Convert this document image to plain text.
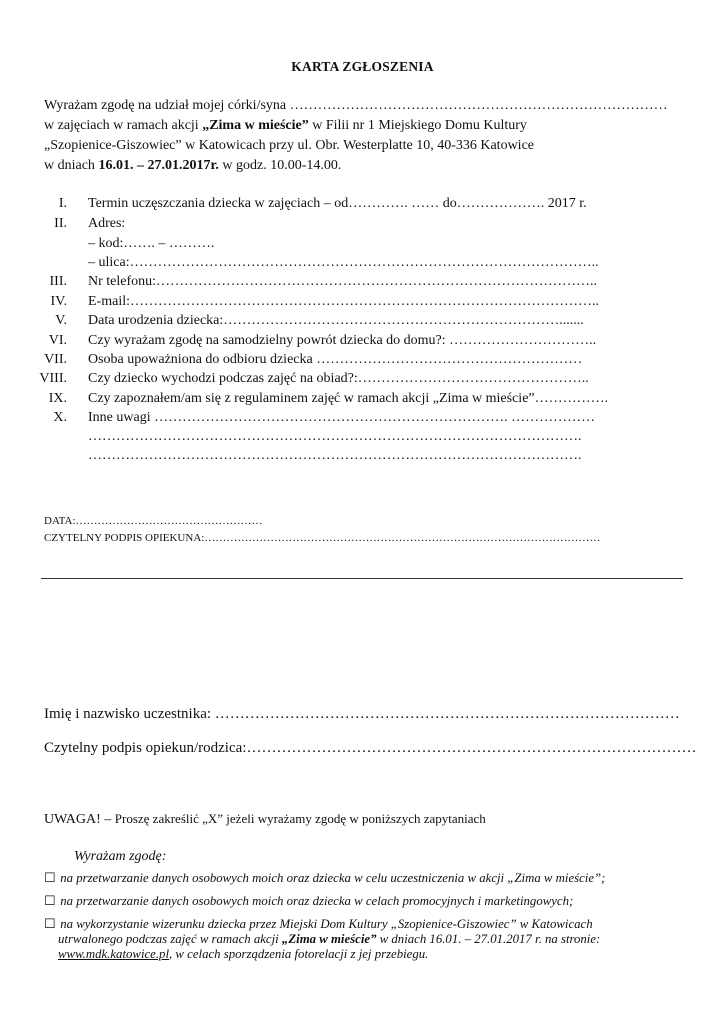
KARTA ZGŁOSZENIA
Wyrażam zgodę na udział mojej córki/syna ………………………………………………………………………
w zajęciach w ramach akcji „Zima w mieście” w Filii nr 1 Miejskiego Domu Kultury
„Szopienice-Giszowiec” w Katowicach przy ul. Obr. Westerplatte 10, 40-336 Katowice
w dniach 16.01. – 27.01.2017r. w godz. 10.00-14.00.
I. Termin uczęszczania dziecka w zajęciach – od…………. …… do………………. 2017 r.
II. Adres:
– kod:……. – ……….
– ulica:………………………………………………………………………………………..
III. Nr telefonu:…………………………………………………………………………………..
IV. E-mail:………………………………………………………………………………………..
V. Data urodzenia dziecka:……………………………………………………………….......
VI. Czy wyrażam zgodę na samodzielny powrót dziecka do domu?: …………………………..
VII. Osoba upoważniona do odbioru dziecka …………………………………………………
VIII. Czy dziecko wychodzi podczas zajęć na obiad?:…………………………………………..
IX. Czy zapoznałem/am się z regulaminem zajęć w ramach akcji „Zima w mieście”…………….
X. Inne uwagi …………………………………………………………………. ………………
…………………………………………………………………………………………….
…………………………………………………………………………………………….
DATA:……………………………………………
CZYTELNY PODPIS OPIEKUNA:………………………………………………………………………………………………
Imię i nazwisko uczestnika: …………………………………………………………………………………
Czytelny podpis opiekun/rodzica:………………………………………………………………………………
UWAGA! – Proszę zakreślić „X” jeżeli wyrażamy zgodę w poniższych zapytaniach
Wyrażam zgodę:
☐ na przetwarzanie danych osobowych moich oraz dziecka w celu uczestniczenia w akcji „Zima w mieście”;
☐ na przetwarzanie danych osobowych moich oraz dziecka w celach promocyjnych i marketingowych;
☐ na wykorzystanie wizerunku dziecka przez Miejski Dom Kultury „Szopienice-Giszowiec” w Katowicach
utrwalonego podczas zajęć w ramach akcji „Zima w mieście” w dniach 16.01. – 27.01.2017 r. na stronie:
www.mdk.katowice.pl, w celach sporządzenia fotorelacji z jej przebiegu.
